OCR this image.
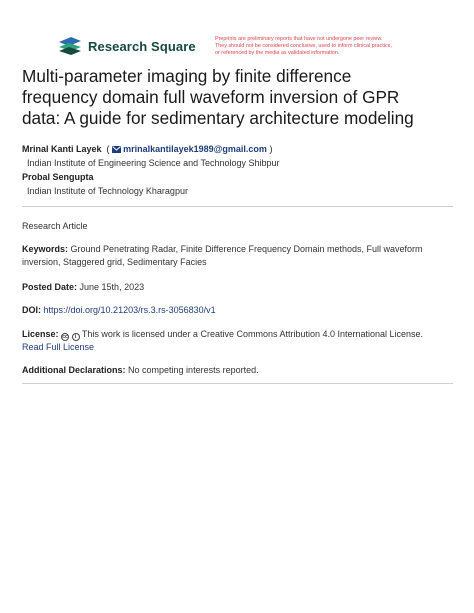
Research Square	Preprints are preliminary reports that have not undergone peer review.
They should not be considered conclusive, used to inform clinical practice,
or referenced by the media as validated information.
Multi-parameter imaging by finite difference
frequency domain full waveform inversion of GPR
data: A guide for sedimentary architecture modeling
Mrinal Kanti Layek  ( mrinalkantilayek1989@gmail.com )
Indian Institute of Engineering Science and Technology Shibpur
Probal Sengupta
Indian Institute of Technology Kharagpur
Research Article
Keywords: Ground Penetrating Radar, Finite Difference Frequency Domain methods, Full waveform
inversion, Staggered grid, Sedimentary Facies
Posted Date: June 15th, 2023
DOI: https://doi.org/10.21203/rs.3.rs-3056830/v1
License: cc i This work is licensed under a Creative Commons Attribution 4.0 International License.
Read Full License
Additional Declarations: No competing interests reported.
